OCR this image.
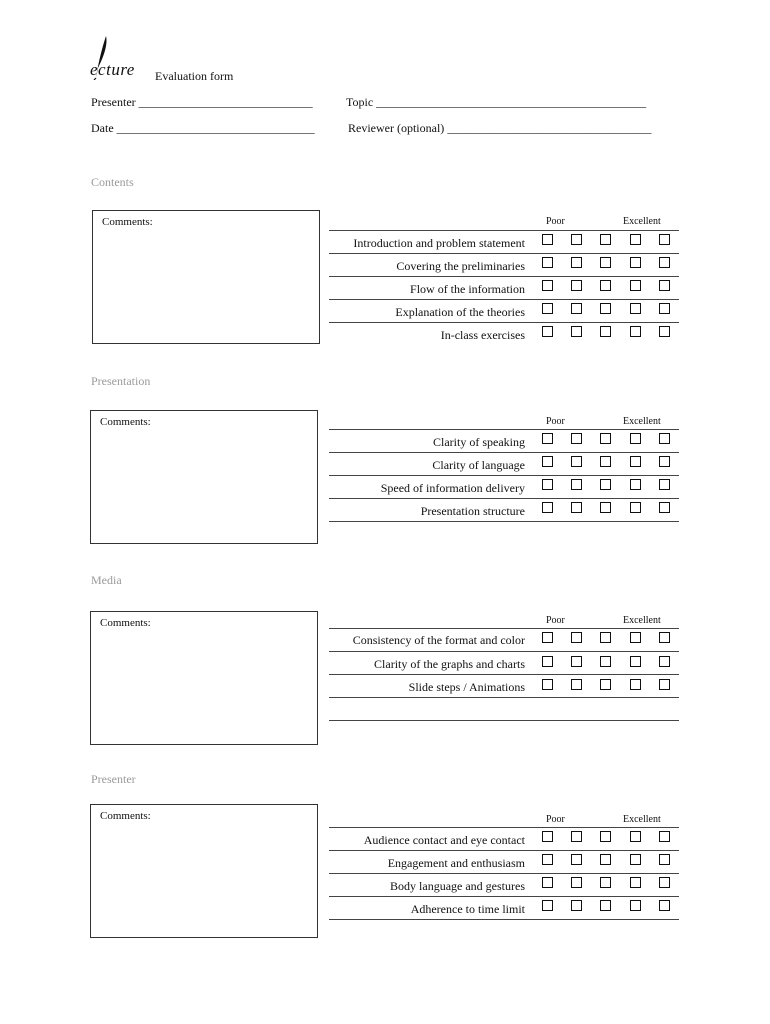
ecture Evaluation form
Presenter _____________________________	Topic _____________________________________________
Date _________________________________	Reviewer (optional) __________________________________
Contents
Comments:	Poor	Excellent
Introduction and problem statement
Covering the preliminaries
Flow of the information
Explanation of the theories
In-class exercises
Presentation
Comments:	Poor	Excellent
Clarity of speaking
Clarity of language
Speed of information delivery
Presentation structure
Media
Comments:	Poor	Excellent
Consistency of the format and color
Clarity of the graphs and charts
Slide steps / Animations
Presenter
Comments:	Poor	Excellent
Audience contact and eye contact
Engagement and enthusiasm
Body language and gestures
Adherence to time limit
